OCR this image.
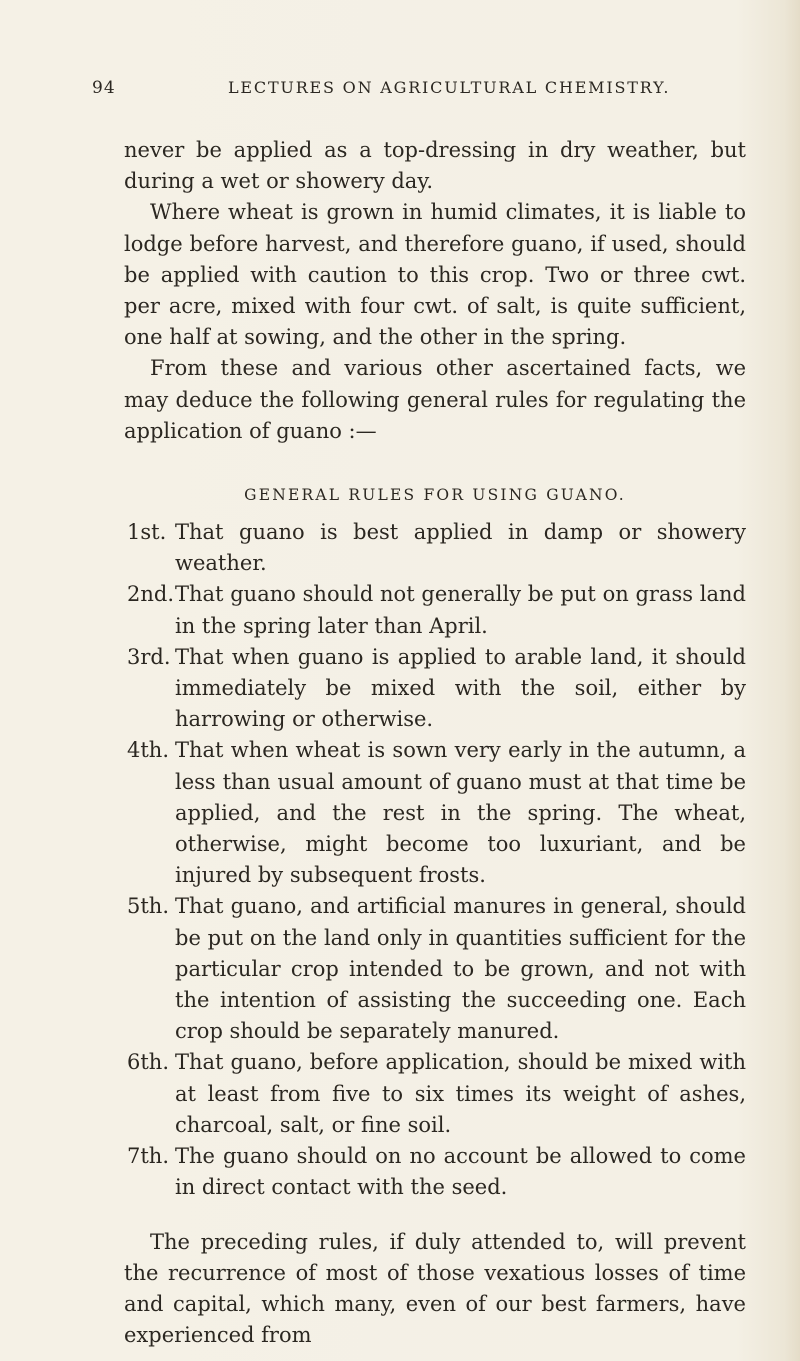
94	LECTURES ON AGRICULTURAL CHEMISTRY.

never be applied as a top-dressing in dry weather, but during a wet or showery day.

Where wheat is grown in humid climates, it is liable to lodge before harvest, and therefore guano, if used, should be applied with caution to this crop. Two or three cwt. per acre, mixed with four cwt. of salt, is quite sufficient, one half at sowing, and the other in the spring.

From these and various other ascertained facts, we may deduce the following general rules for regulating the application of guano :—

GENERAL RULES FOR USING GUANO.
1st. That guano is best applied in damp or showery weather.
2nd. That guano should not generally be put on grass land in the spring later than April.
3rd. That when guano is applied to arable land, it should immediately be mixed with the soil, either by harrowing or otherwise.
4th. That when wheat is sown very early in the autumn, a less than usual amount of guano must at that time be applied, and the rest in the spring. The wheat, otherwise, might become too luxuriant, and be injured by subsequent frosts.
5th. That guano, and artificial manures in general, should be put on the land only in quantities sufficient for the particular crop intended to be grown, and not with the intention of assisting the succeeding one. Each crop should be separately manured.
6th. That guano, before application, should be mixed with at least from five to six times its weight of ashes, charcoal, salt, or fine soil.
7th. The guano should on no account be allowed to come in direct contact with the seed.

The preceding rules, if duly attended to, will prevent the recurrence of most of those vexatious losses of time and capital, which many, even of our best farmers, have experienced from
